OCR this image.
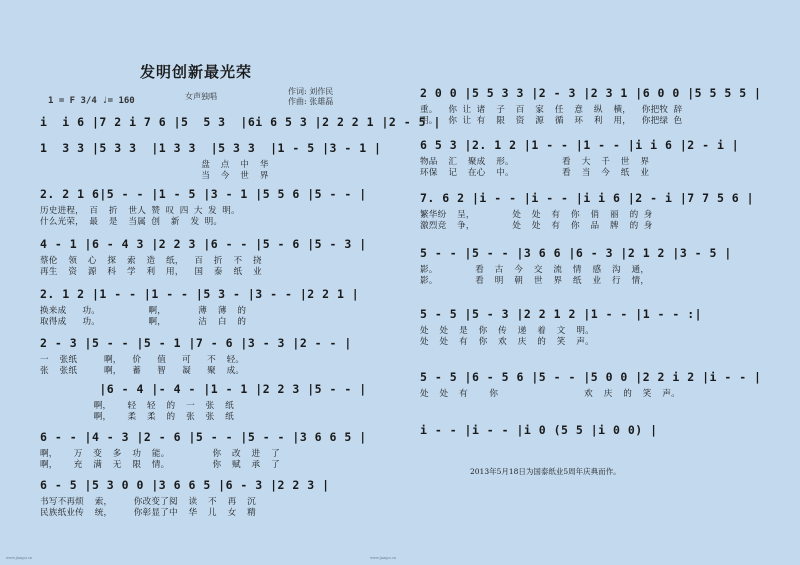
发明创新最光荣
1 = F 3/4 ♩= 160	女声独唱
作词: 刘作民
作曲: 张雄磊
i  i 6 |7 2 i 7 6 |5  5 3  |6i 6 5 3 |2 2 2 1 |2 - 5 |
1  3 3 |5 3 3  |1 3 3  |5 3 3  |1 - 5 |3 - 1 |
盘  点  中  华
当  今  世  界
2. 2 1 6|5 - - |1 - 5 |3 - 1 |5 5 6 |5 - - |
历史进程， 百  折  世人 赞 叹 四 大 发 明。
什么光荣， 最  是  当属 创  新  发 明。
4 - 1 |6 - 4 3 |2 2 3 |6 - - |5 - 6 |5 - 3 |
蔡伦  领  心  探  索  造  纸，  百  折  不  挠
再生  资  源  科  学  利  用，  国  泰  纸  业
2. 1 2 |1 - - |1 - - |5 3 - |3 - - |2 2 1 |
换来成   功。         啊，      薄  薄  的
取得成   功。         啊，      洁  白  的
2 - 3 |5 - - |5 - 1 |7 - 6 |3 - 3 |2 - - |
一  张纸     啊，  价   值   可   不  轻。
张  张纸     啊，  蓄   智   凝   聚  成。
|6 - 4 |- 4 - |1 - 1 |2 2 3 |5 - - |
啊，   轻  轻  的  一  张  纸
啊，   柔  柔  的  张  张  纸
6 - - |4 - 3 |2 - 6 |5 - - |5 - - |3 6 6 5 |
啊，   万  变  多  功  能。        你  改  进  了
啊，   充  满  无  限  情。        你  赋  承  了
6 - 5 |5 3 0 0 |3 6 6 5 |6 - 3 |2 2 3 |
书写不再烦  索，    你改变了阅  读  不  再  沉
民族纸业传  统，    你彰显了中  华  儿  女  精
2 0 0 |5 5 3 3 |2 - 3 |2 3 1 |6 0 0 |5 5 5 5 |
重。  你 让 诸  子  百  家  任  意  纵  横，  你把牧 辞
明。  你 让 有  限  资  源  循  环  利  用，  你把绿 色
6 5 3 |2. 1 2 |1 - - |1 - - |i i 6 |2 - i |
物品  汇  聚成  形。         看  大  千  世  界
环保  记  在心  中。         看  当  今  纸  业
7. 6 2 |i - - |i - - |i i 6 |2 - i |7 7 5 6 |
繁华纷  呈，       处  处  有  你  俏  丽  的 身
激烈竞  争，       处  处  有  你  品  牌  的 身
5 - - |5 - - |3 6 6 |6 - 3 |2 1 2 |3 - 5 |
影。       看  古  今  交  流  情  感  沟  通，
影。       看  明  朝  世  界  纸  业  行  情，
5 - 5 |5 - 3 |2 2 1 2 |1 - - |1 - - :|
处  处  是  你  传  递  着  文  明。
处  处  有  你  欢  庆  的  笑  声。
5 - 5 |6 - 5 6 |5 - - |5 0 0 |2 2 i 2 |i - - |
处  处  有    你                欢  庆  的  笑  声。
i - - |i - - |i 0 (5 5 |i 0 0) |
2013年5月18日为国泰纸业5周年庆典而作。
www.jianpu.cn	www.jianpu.cn
